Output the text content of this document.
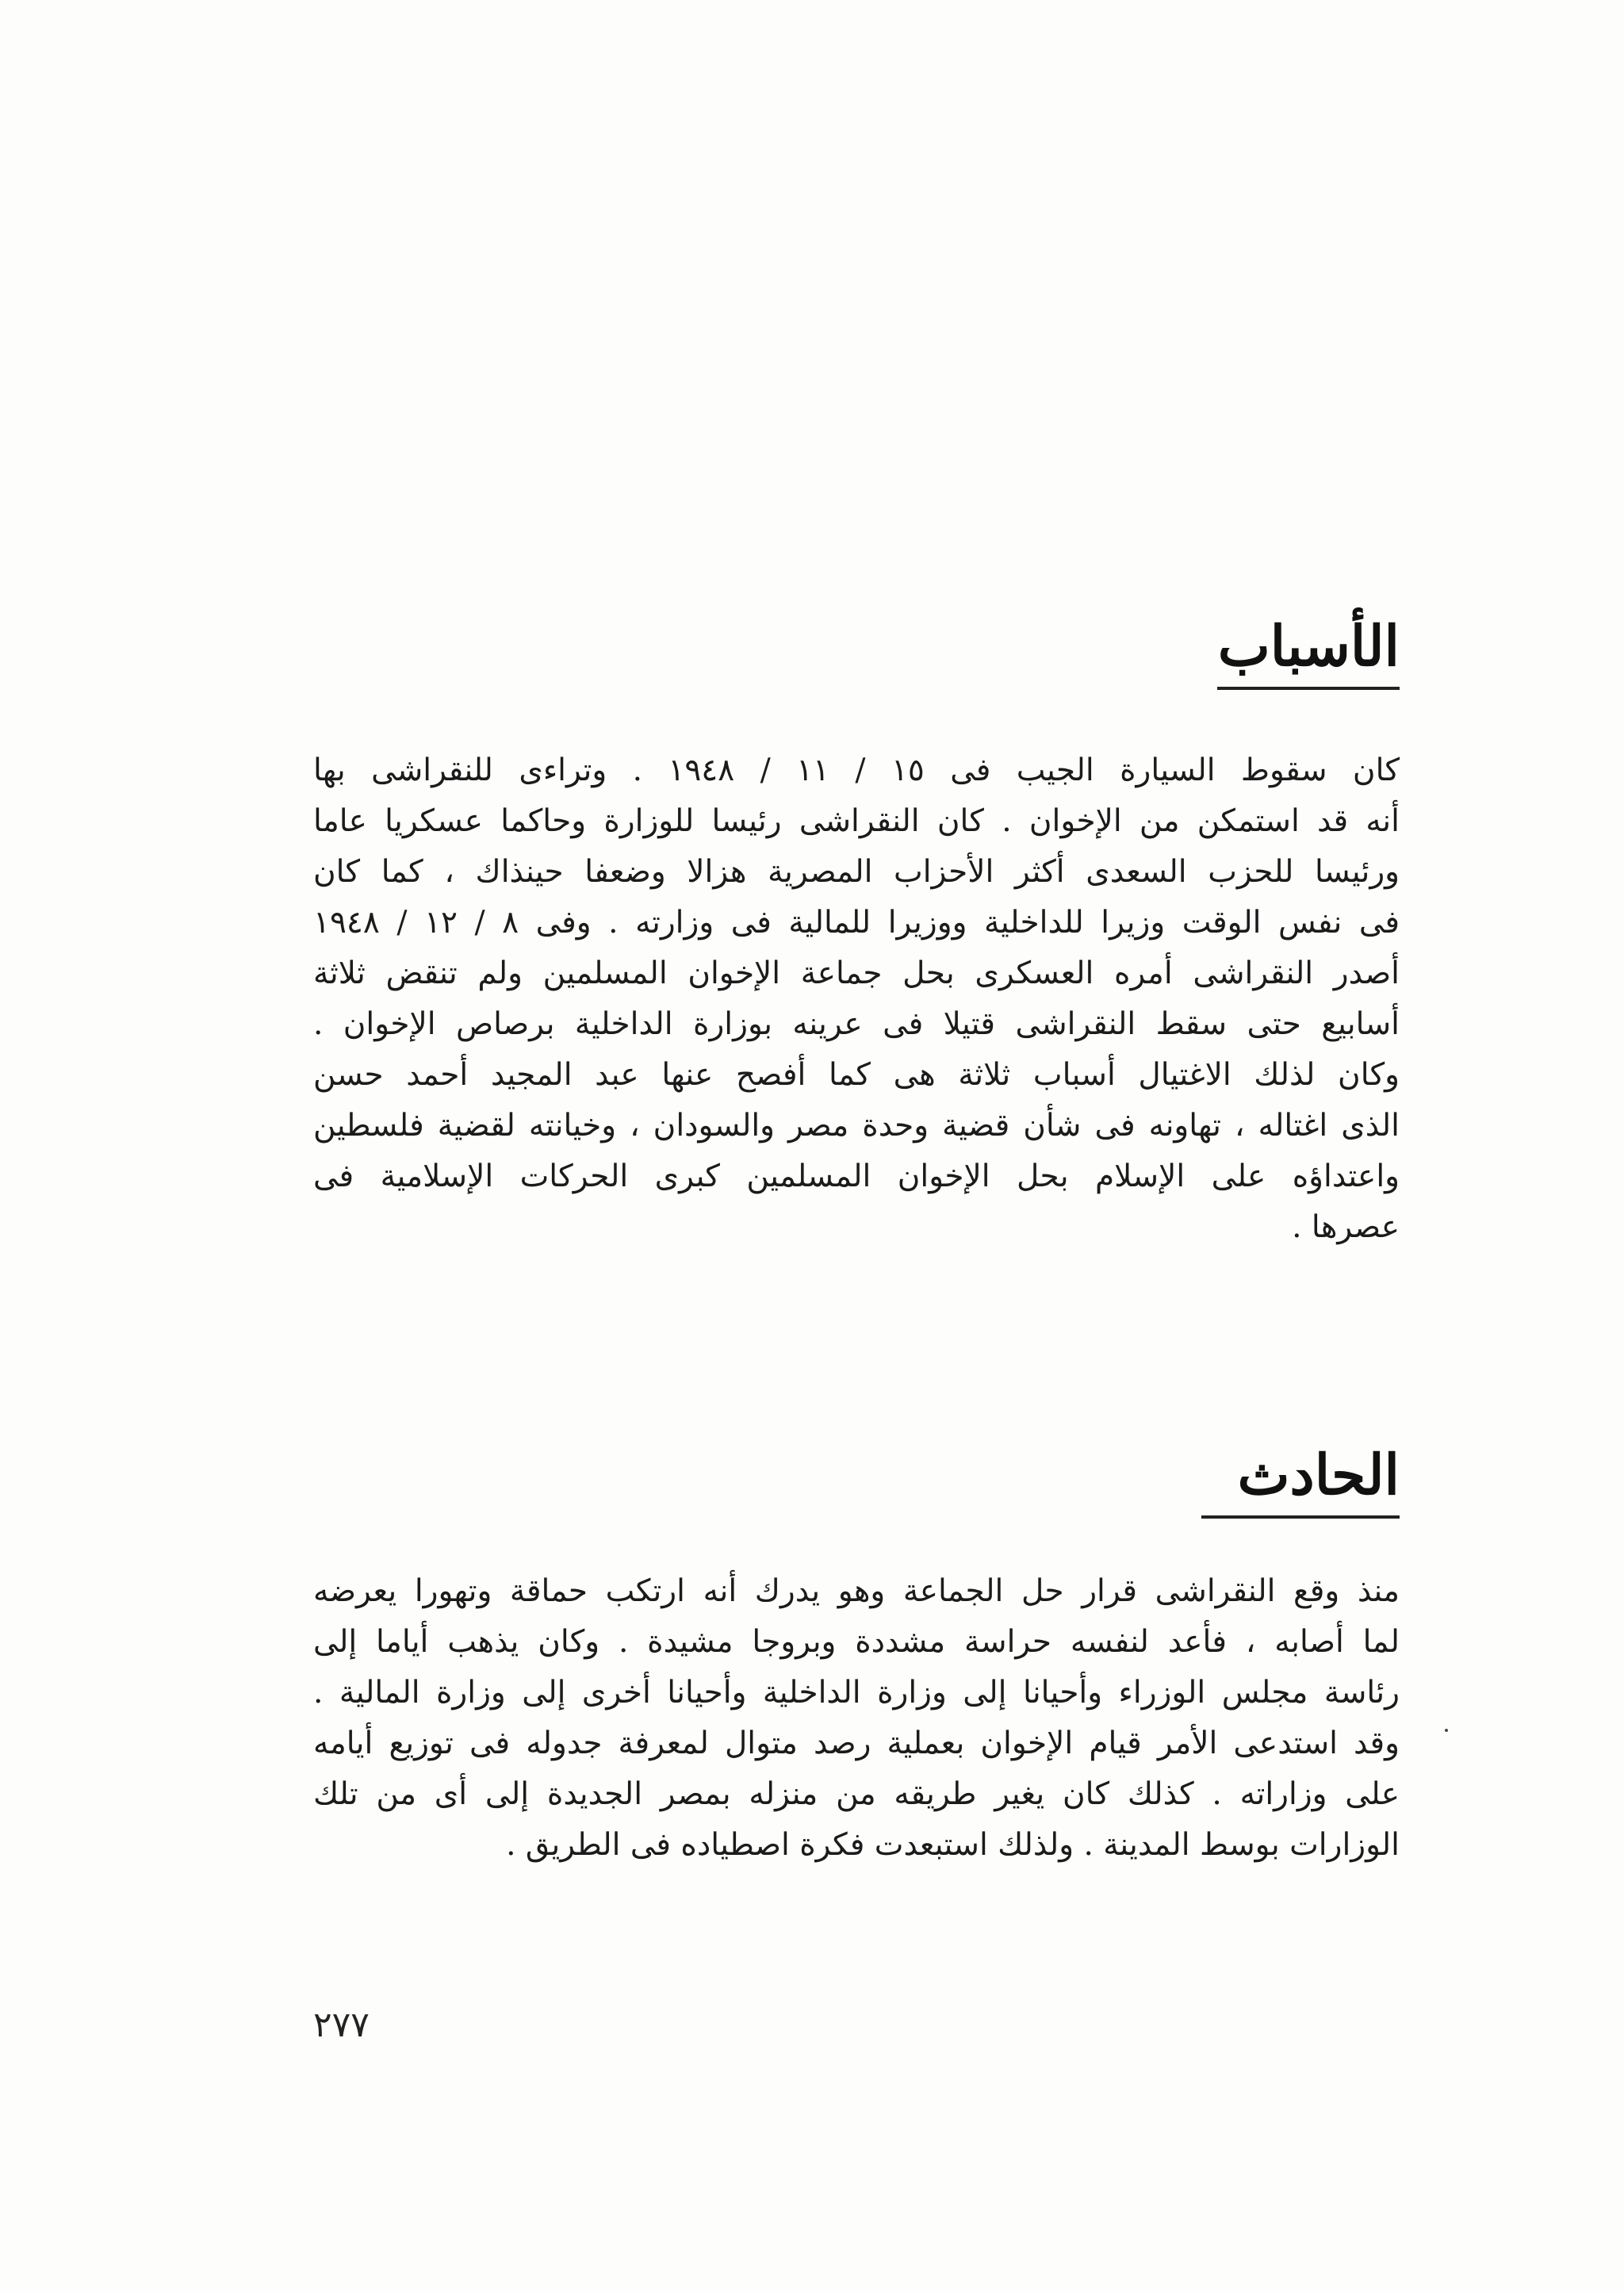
الأسباب
كان سقوط السيارة الجيب فى ١٥ / ١١ / ١٩٤٨ . وتراءى للنقراشى بها
أنه قد استمكن من الإخوان . كان النقراشى رئيسا للوزارة وحاكما عسكريا عاما
ورئيسا للحزب السعدى أكثر الأحزاب المصرية هزالا وضعفا حينذاك ، كما كان
فى نفس الوقت وزيرا للداخلية ووزيرا للمالية فى وزارته . وفى ٨ / ١٢ / ١٩٤٨
أصدر النقراشى أمره العسكرى بحل جماعة الإخوان المسلمين ولم تنقض ثلاثة
أسابيع حتى سقط النقراشى قتيلا فى عرينه بوزارة الداخلية برصاص الإخوان .
وكان لذلك الاغتيال أسباب ثلاثة هى كما أفصح عنها عبد المجيد أحمد حسن
الذى اغتاله ، تهاونه فى شأن قضية وحدة مصر والسودان ، وخيانته لقضية فلسطين
واعتداؤه على الإسلام بحل الإخوان المسلمين كبرى الحركات الإسلامية فى
عصرها .
الحادث
منذ وقع النقراشى قرار حل الجماعة وهو يدرك أنه ارتكب حماقة وتهورا يعرضه
لما أصابه ، فأعد لنفسه حراسة مشددة وبروجا مشيدة . وكان يذهب أياما إلى
رئاسة مجلس الوزراء وأحيانا إلى وزارة الداخلية وأحيانا أخرى إلى وزارة المالية .
وقد استدعى الأمر قيام الإخوان بعملية رصد متوال لمعرفة جدوله فى توزيع أيامه
على وزاراته . كذلك كان يغير طريقه من منزله بمصر الجديدة إلى أى من تلك
الوزارات بوسط المدينة . ولذلك استبعدت فكرة اصطياده فى الطريق .
٢٧٧
